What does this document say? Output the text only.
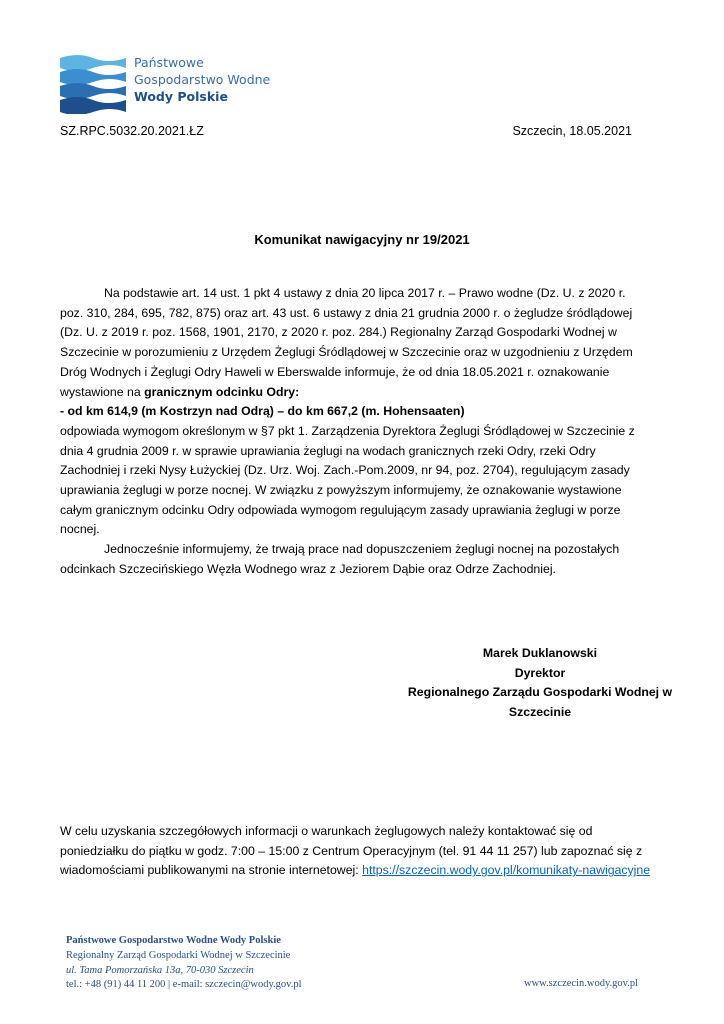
Państwowe
Gospodarstwo Wodne
Wody Polskie
SZ.RPC.5032.20.2021.ŁZ	Szczecin, 18.05.2021
Komunikat nawigacyjny nr 19/2021

Na podstawie art. 14 ust. 1 pkt 4 ustawy z dnia 20 lipca 2017 r. – Prawo wodne (Dz. U. z 2020 r. poz. 310, 284, 695, 782, 875) oraz art. 43 ust. 6 ustawy z dnia 21 grudnia 2000 r. o żegludze śródlądowej (Dz. U. z 2019 r. poz. 1568, 1901, 2170, z 2020 r. poz. 284.) Regionalny Zarząd Gospodarki Wodnej w Szczecinie w porozumieniu z Urzędem Żeglugi Śródlądowej w Szczecinie oraz w uzgodnieniu z Urzędem Dróg Wodnych i Żeglugi Odry Haweli w Eberswalde informuje, że od dnia 18.05.2021 r. oznakowanie wystawione na granicznym odcinku Odry:

- od km 614,9 (m Kostrzyn nad Odrą) – do km 667,2 (m. Hohensaaten)

odpowiada wymogom określonym w §7 pkt 1. Zarządzenia Dyrektora Żeglugi Śródlądowej w Szczecinie z dnia 4 grudnia 2009 r. w sprawie uprawiania żeglugi na wodach granicznych rzeki Odry, rzeki Odry Zachodniej i rzeki Nysy Łużyckiej (Dz. Urz. Woj. Zach.-Pom.2009, nr 94, poz. 2704), regulującym zasady uprawiania żeglugi w porze nocnej. W związku z powyższym informujemy, że oznakowanie wystawione całym granicznym odcinku Odry odpowiada wymogom regulującym zasady uprawiania żeglugi w porze nocnej.

Jednocześnie informujemy, że trwają prace nad dopuszczeniem żeglugi nocnej na pozostałych odcinkach Szczecińskiego Węzła Wodnego wraz z Jeziorem Dąbie oraz Odrze Zachodniej.

Marek Duklanowski
Dyrektor
Regionalnego Zarządu Gospodarki Wodnej w
Szczecinie
W celu uzyskania szczegółowych informacji o warunkach żeglugowych należy kontaktować się od poniedziałku do piątku w godz. 7:00 – 15:00 z Centrum Operacyjnym (tel. 91 44 11 257) lub zapoznać się z wiadomościami publikowanymi na stronie internetowej: https://szczecin.wody.gov.pl/komunikaty-nawigacyjne
Państwowe Gospodarstwo Wodne Wody Polskie
Regionalny Zarząd Gospodarki Wodnej w Szczecinie
ul. Tama Pomorzańska 13a, 70-030 Szczecin
tel.: +48 (91) 44 11 200 | e-mail: szczecin@wody.gov.pl	www.szczecin.wody.gov.pl
